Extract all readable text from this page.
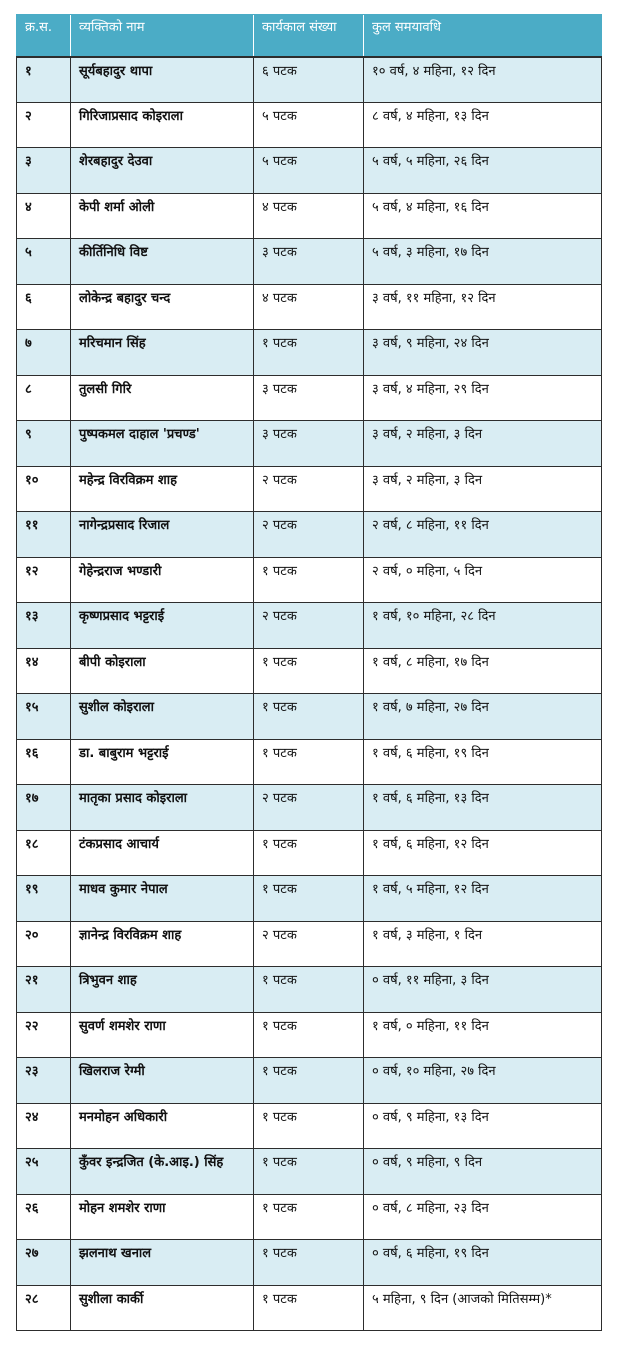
क्र.स.	व्यक्तिको नाम	कार्यकाल संख्या	कुल समयावधि
१	सूर्यबहादुर थापा	६ पटक	१० वर्ष, ४ महिना, १२ दिन
२	गिरिजाप्रसाद कोइराला	५ पटक	८ वर्ष, ४ महिना, १३ दिन
३	शेरबहादुर देउवा	५ पटक	५ वर्ष, ५ महिना, २६ दिन
४	केपी शर्मा ओली	४ पटक	५ वर्ष, ४ महिना, १६ दिन
५	कीर्तिनिधि विष्ट	३ पटक	५ वर्ष, ३ महिना, १७ दिन
६	लोकेन्द्र बहादुर चन्द	४ पटक	३ वर्ष, ११ महिना, १२ दिन
७	मरिचमान सिंह	१ पटक	३ वर्ष, ९ महिना, २४ दिन
८	तुलसी गिरि	३ पटक	३ वर्ष, ४ महिना, २९ दिन
९	पुष्पकमल दाहाल 'प्रचण्ड'	३ पटक	३ वर्ष, २ महिना, ३ दिन
१०	महेन्द्र विरविक्रम शाह	२ पटक	३ वर्ष, २ महिना, ३ दिन
११	नागेन्द्रप्रसाद रिजाल	२ पटक	२ वर्ष, ८ महिना, ११ दिन
१२	गेहेन्द्रराज भण्डारी	१ पटक	२ वर्ष, ० महिना, ५ दिन
१३	कृष्णप्रसाद भट्टराई	२ पटक	१ वर्ष, १० महिना, २८ दिन
१४	बीपी कोइराला	१ पटक	१ वर्ष, ८ महिना, १७ दिन
१५	सुशील कोइराला	१ पटक	१ वर्ष, ७ महिना, २७ दिन
१६	डा. बाबुराम भट्टराई	१ पटक	१ वर्ष, ६ महिना, १९ दिन
१७	मातृका प्रसाद कोइराला	२ पटक	१ वर्ष, ६ महिना, १३ दिन
१८	टंकप्रसाद आचार्य	१ पटक	१ वर्ष, ६ महिना, १२ दिन
१९	माधव कुमार नेपाल	१ पटक	१ वर्ष, ५ महिना, १२ दिन
२०	ज्ञानेन्द्र विरविक्रम शाह	२ पटक	१ वर्ष, ३ महिना, १ दिन
२१	त्रिभुवन शाह	१ पटक	० वर्ष, ११ महिना, ३ दिन
२२	सुवर्ण शमशेर राणा	१ पटक	१ वर्ष, ० महिना, ११ दिन
२३	खिलराज रेग्मी	१ पटक	० वर्ष, १० महिना, २७ दिन
२४	मनमोहन अधिकारी	१ पटक	० वर्ष, ९ महिना, १३ दिन
२५	कुँवर इन्द्रजित (के.आइ.) सिंह	१ पटक	० वर्ष, ९ महिना, ९ दिन
२६	मोहन शमशेर राणा	१ पटक	० वर्ष, ८ महिना, २३ दिन
२७	झलनाथ खनाल	१ पटक	० वर्ष, ६ महिना, १९ दिन
२८	सुशीला कार्की	१ पटक	५ महिना, ९ दिन (आजको मितिसम्म)*
